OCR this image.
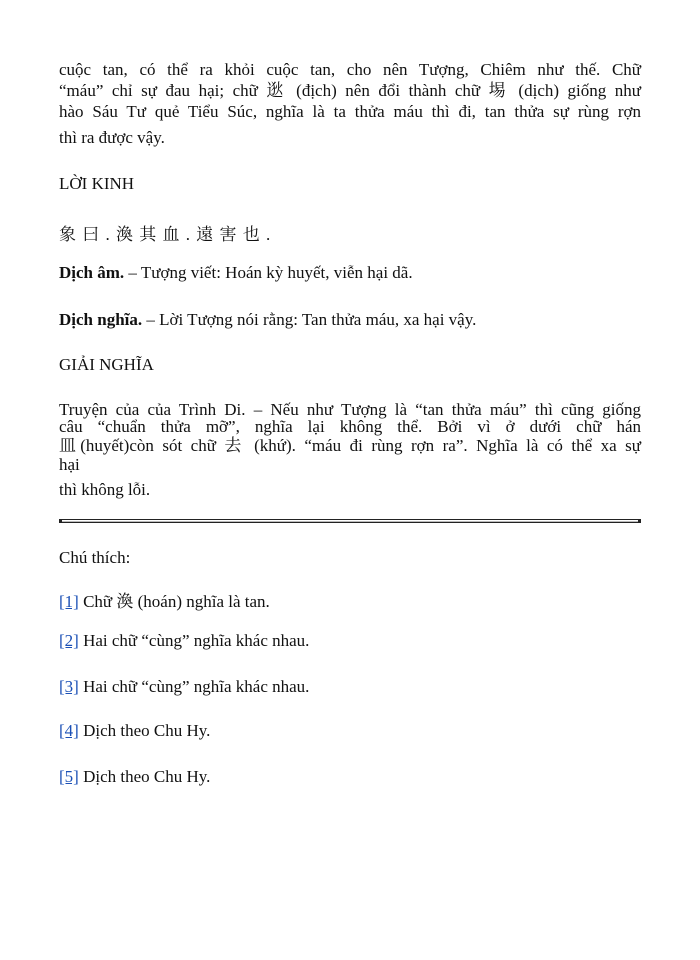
cuộc tan, có thể ra khỏi cuộc tan, cho nên Tượng, Chiêm như thế. Chữ
“máu” chỉ sự đau hại; chữ 逖 (địch) nên đổi thành chữ 埸 (dịch) giống như
hào Sáu Tư quẻ Tiểu Súc, nghĩa là ta thửa máu thì đi, tan thửa sự rùng rợn
thì ra được vậy.
LỜI KINH
象 曰 . 渙 其 血 . 遠 害 也 .
Dịch âm. – Tượng viết: Hoán kỳ huyết, viễn hại dã.
Dịch nghĩa. – Lời Tượng nói rằng: Tan thửa máu, xa hại vậy.
GIẢI NGHĨA
Truyện của của Trình Di. – Nếu như Tượng là “tan thửa máu” thì cũng giống
câu “chuẩn thửa mỡ”, nghĩa lại không thể. Bởi vì ở dưới chữ hán
皿(huyết)còn sót chữ 去 (khứ). “máu đi rùng rợn ra”. Nghĩa là có thể xa sự
hại
thì không lỗi.
Chú thích:
[1] Chữ 渙 (hoán) nghĩa là tan.
[2] Hai chữ “cùng” nghĩa khác nhau.
[3] Hai chữ “cùng” nghĩa khác nhau.
[4] Dịch theo Chu Hy.
[5] Dịch theo Chu Hy.
